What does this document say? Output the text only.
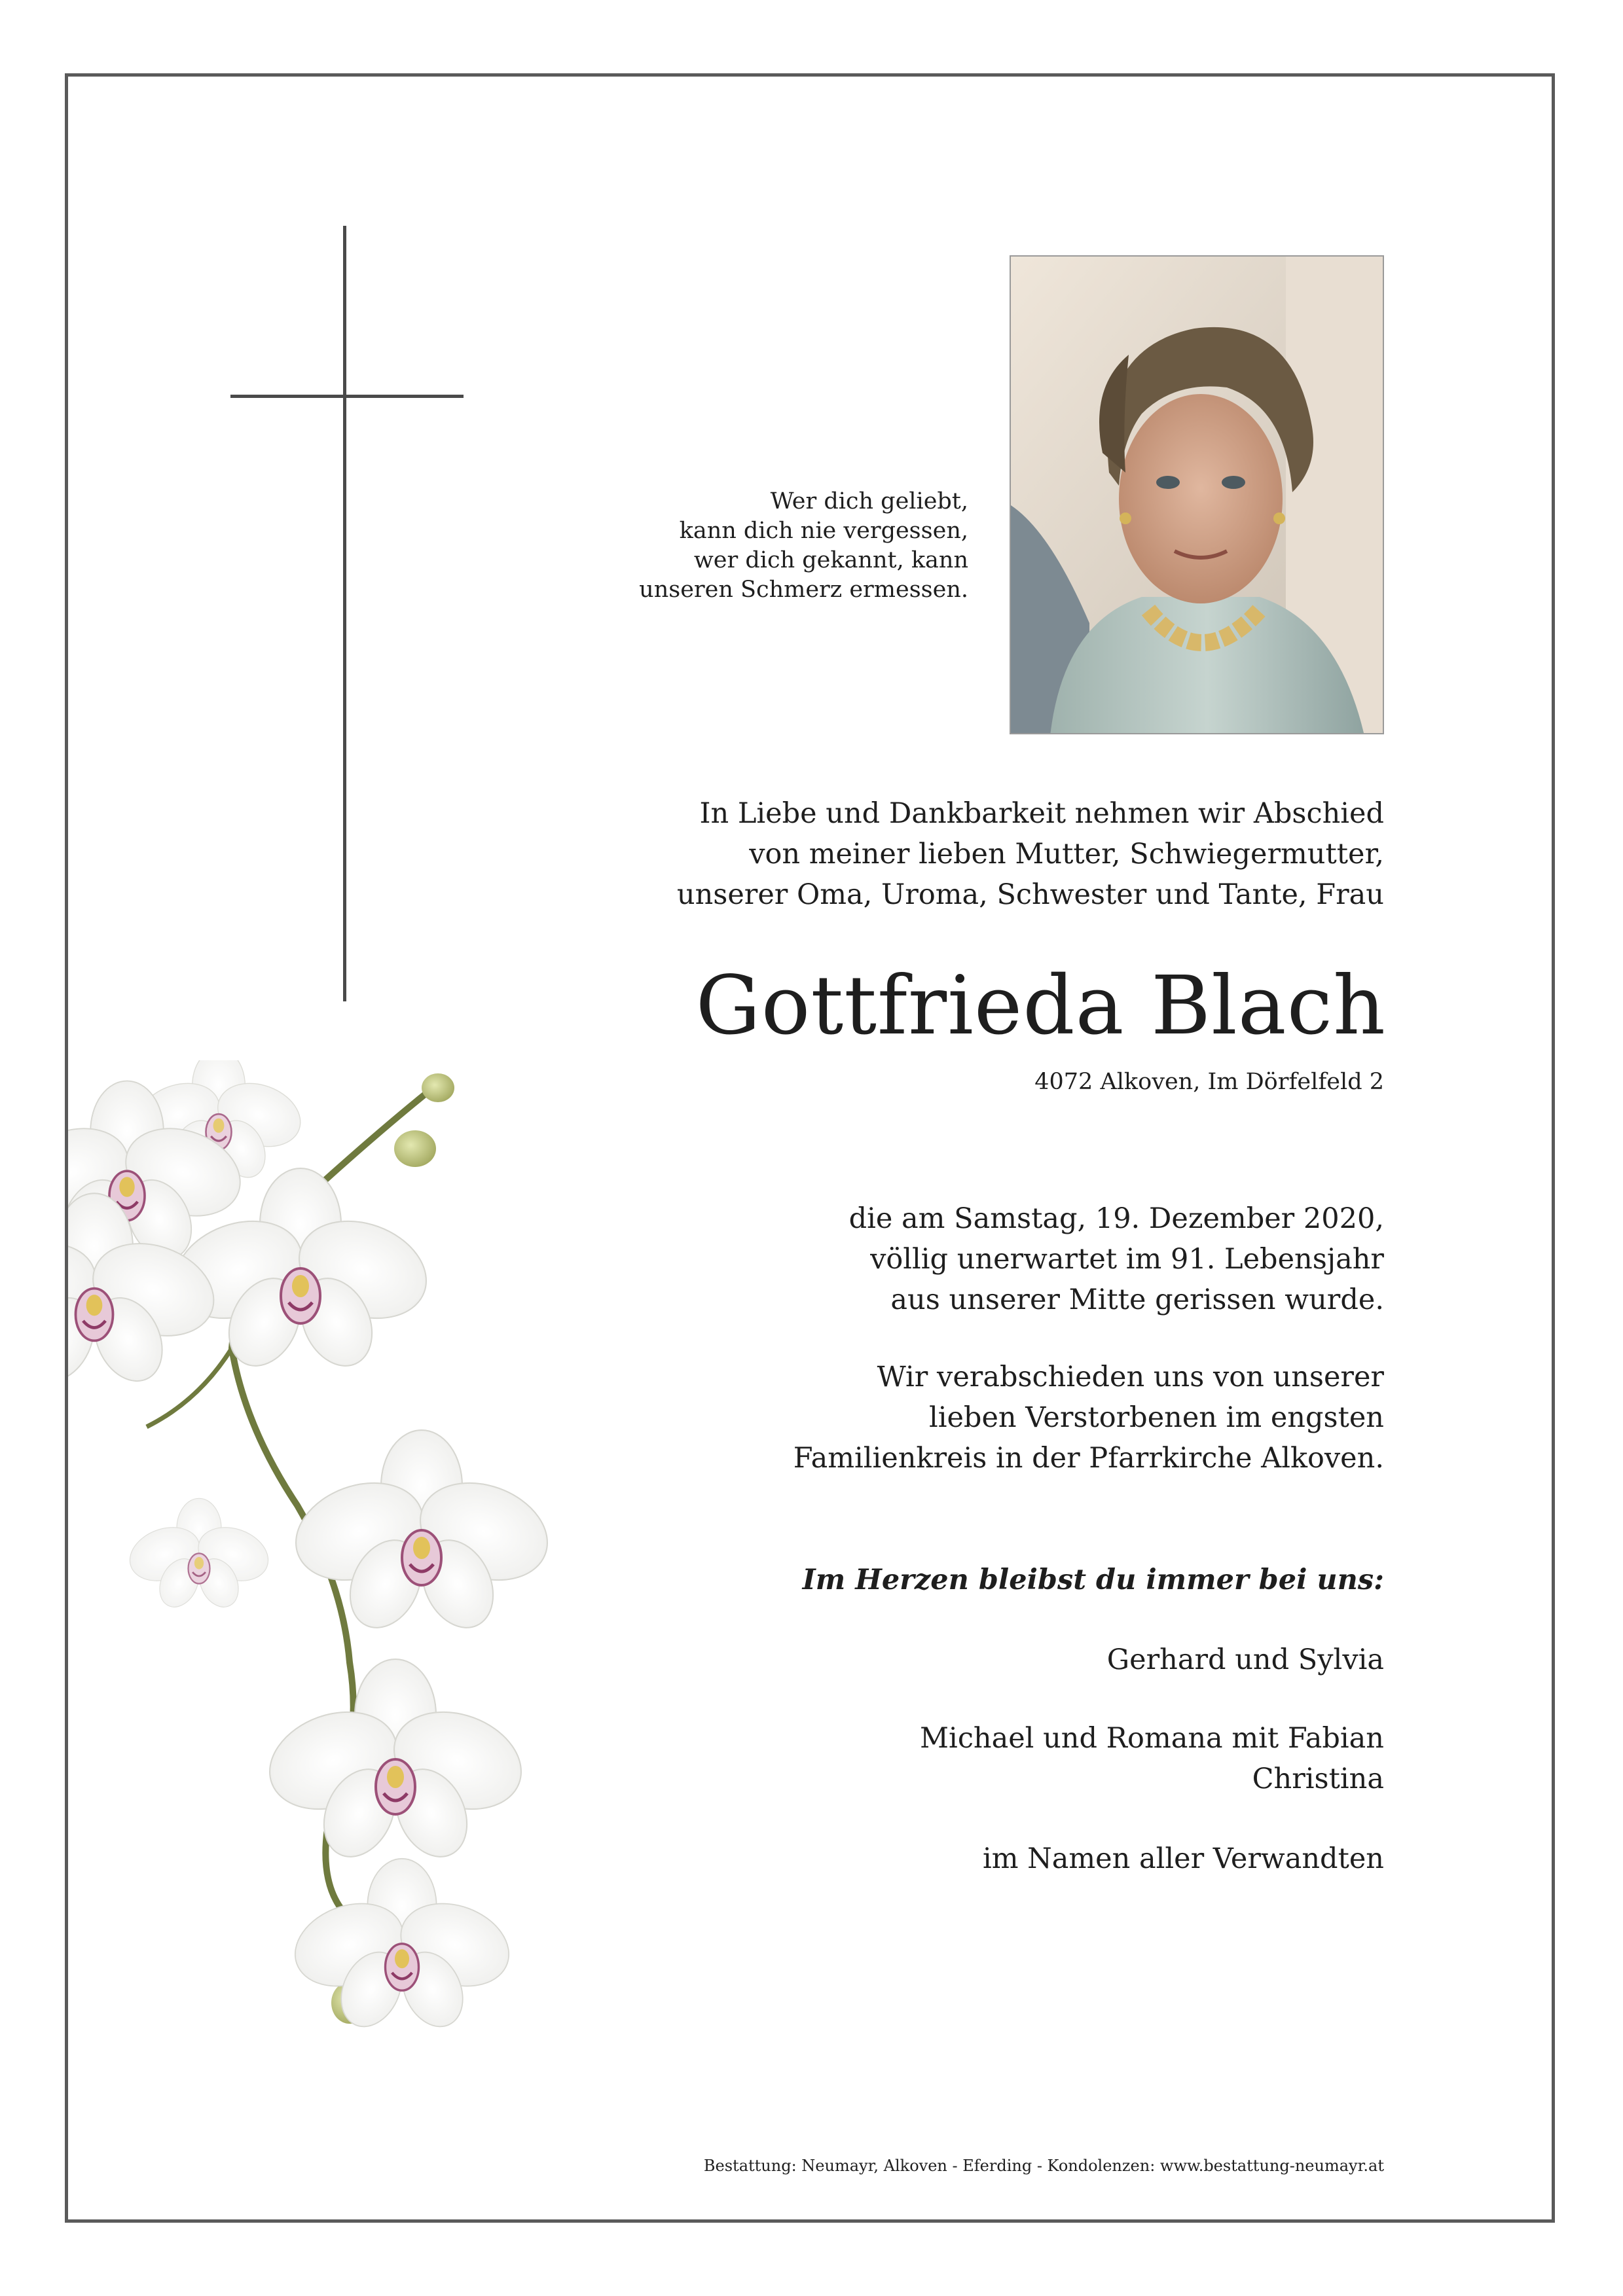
Wer dich geliebt,
kann dich nie vergessen,
wer dich gekannt, kann
unseren Schmerz ermessen.
In Liebe und Dankbarkeit nehmen wir Abschied
von meiner lieben Mutter, Schwiegermutter,
unserer Oma, Uroma, Schwester und Tante, Frau
Gottfrieda Blach
4072 Alkoven, Im Dörfelfeld 2
die am Samstag, 19. Dezember 2020,
völlig unerwartet im 91. Lebensjahr
aus unserer Mitte gerissen wurde.
Wir verabschieden uns von unserer
lieben Verstorbenen im engsten
Familienkreis in der Pfarrkirche Alkoven.
Im Herzen bleibst du immer bei uns:
Gerhard und Sylvia
Michael und Romana mit Fabian
Christina
im Namen aller Verwandten
Bestattung: Neumayr, Alkoven - Eferding - Kondolenzen: www.bestattung-neumayr.at
